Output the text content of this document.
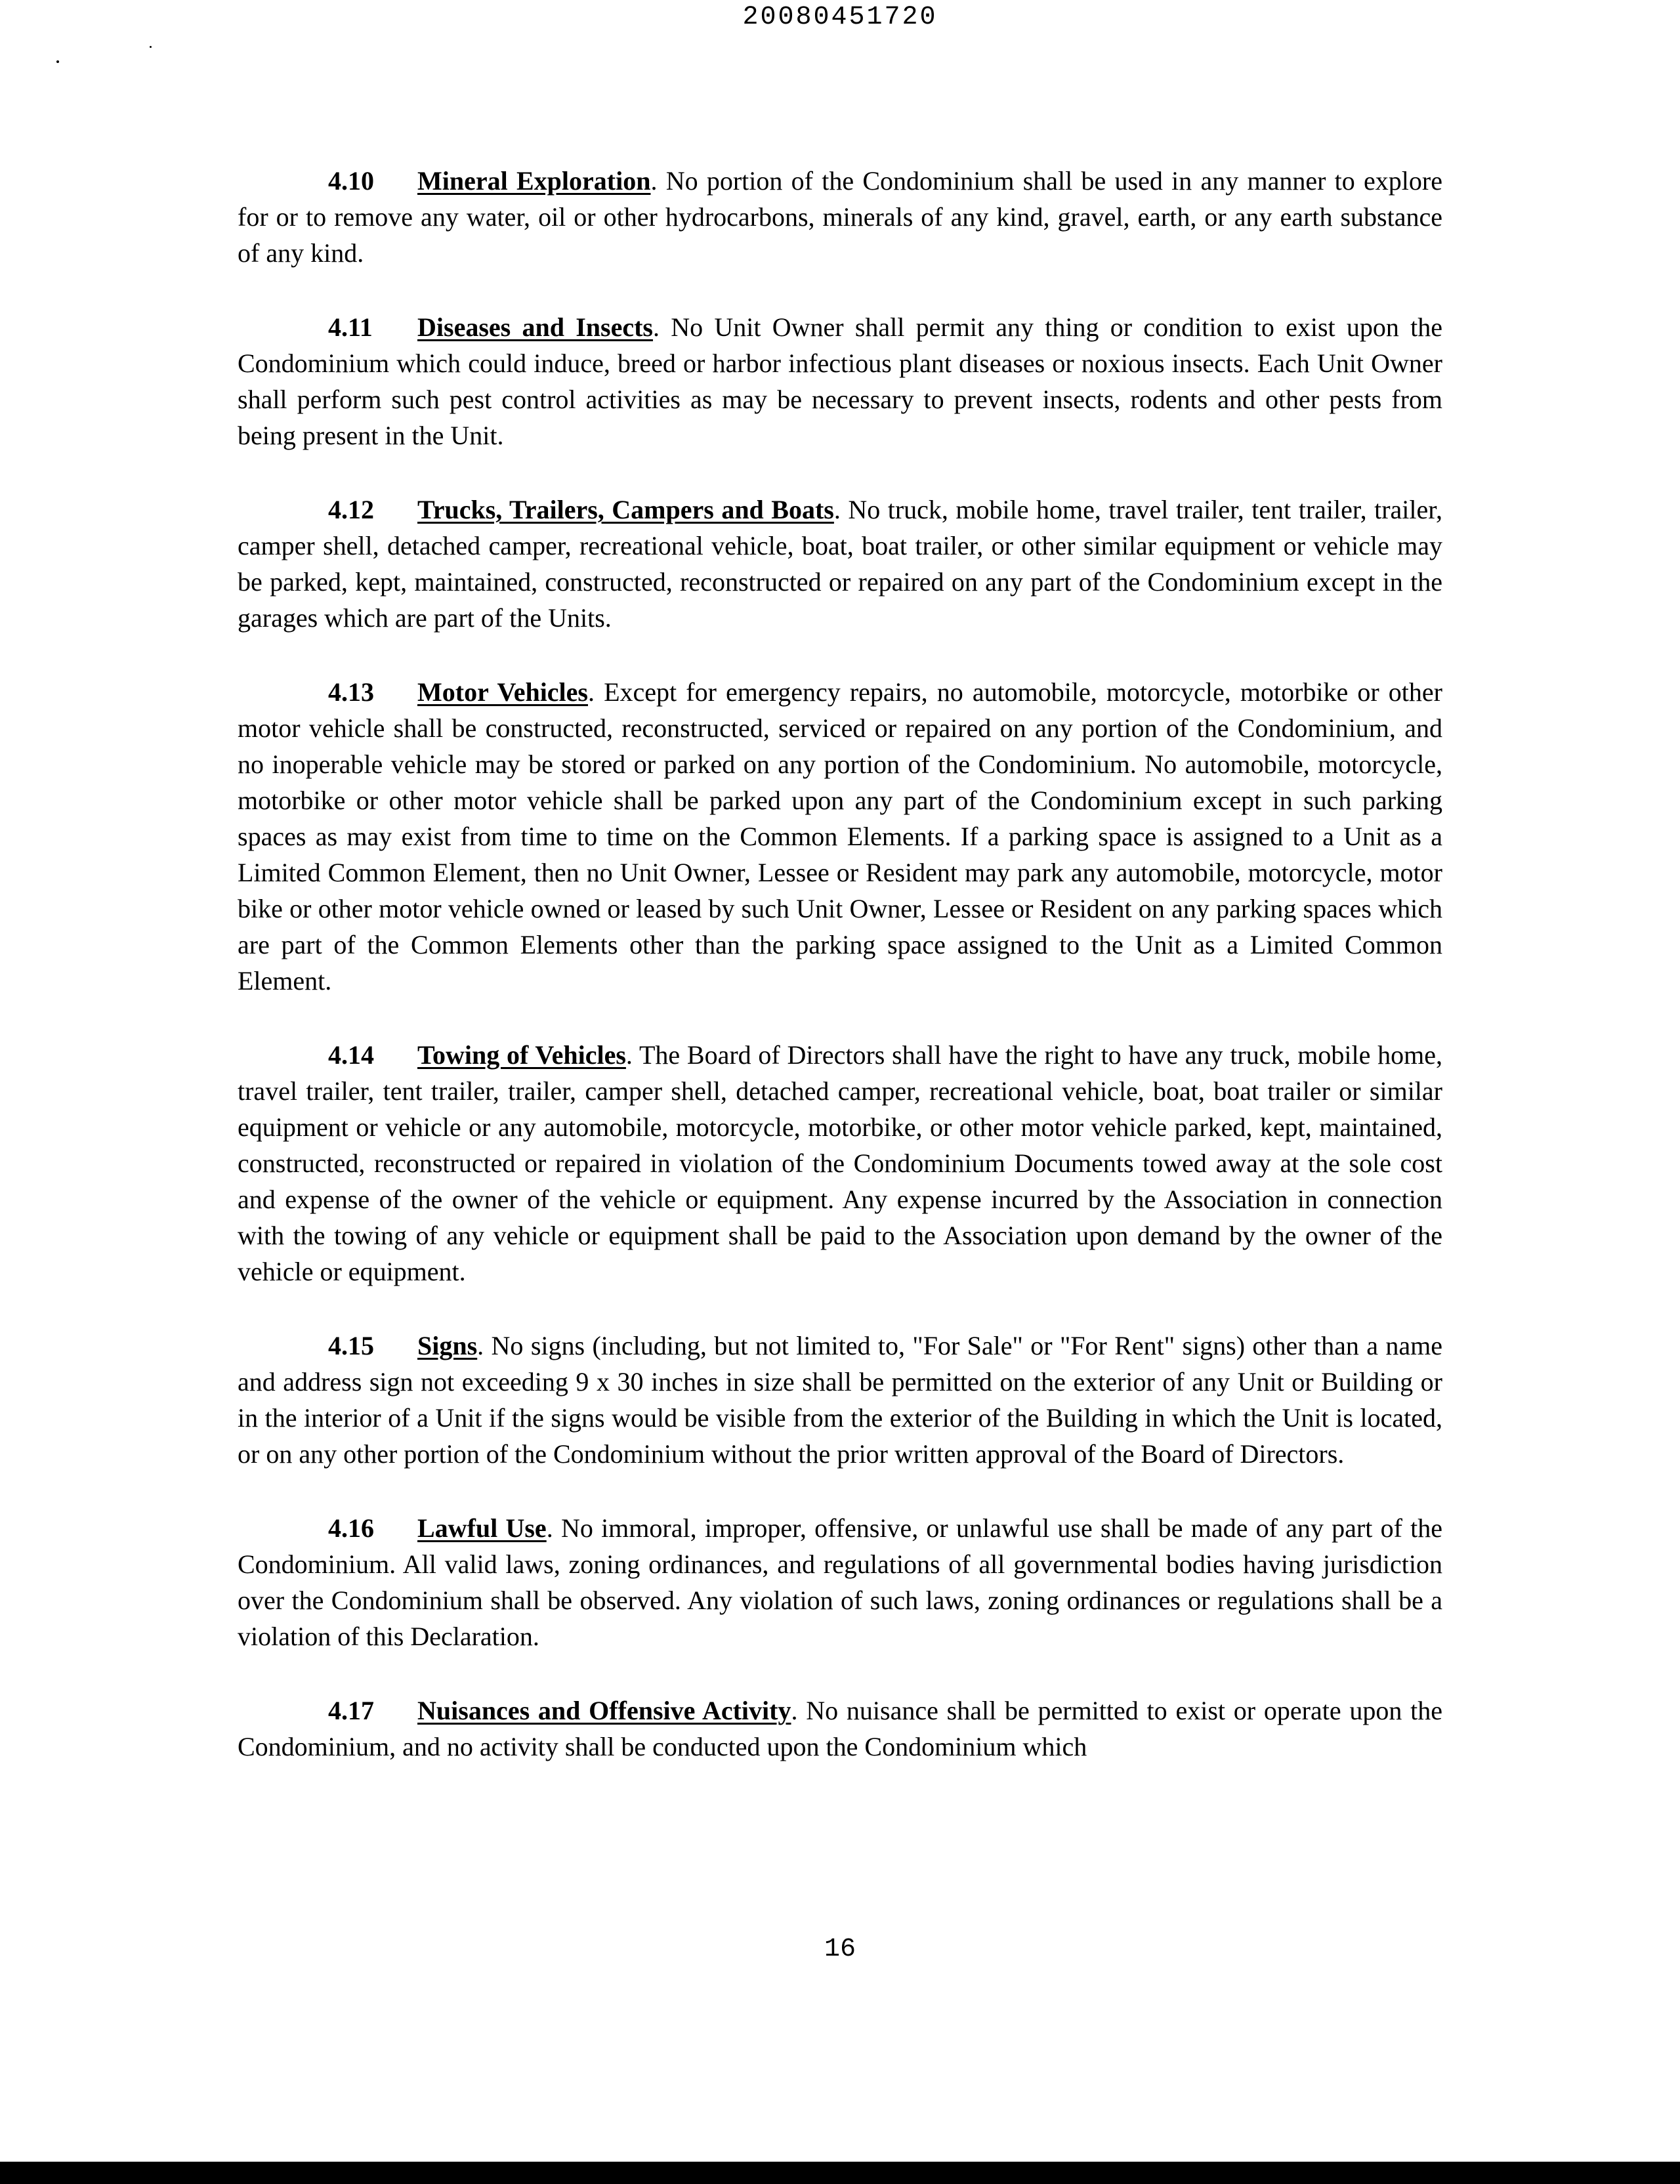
20080451720

4.10 Mineral Exploration. No portion of the Condominium shall be used in any manner to explore for or to remove any water, oil or other hydrocarbons, minerals of any kind, gravel, earth, or any earth substance of any kind.

4.11 Diseases and Insects. No Unit Owner shall permit any thing or condition to exist upon the Condominium which could induce, breed or harbor infectious plant diseases or noxious insects. Each Unit Owner shall perform such pest control activities as may be necessary to prevent insects, rodents and other pests from being present in the Unit.

4.12 Trucks, Trailers, Campers and Boats. No truck, mobile home, travel trailer, tent trailer, trailer, camper shell, detached camper, recreational vehicle, boat, boat trailer, or other similar equipment or vehicle may be parked, kept, maintained, constructed, reconstructed or repaired on any part of the Condominium except in the garages which are part of the Units.

4.13 Motor Vehicles. Except for emergency repairs, no automobile, motorcycle, motorbike or other motor vehicle shall be constructed, reconstructed, serviced or repaired on any portion of the Condominium, and no inoperable vehicle may be stored or parked on any portion of the Condominium. No automobile, motorcycle, motorbike or other motor vehicle shall be parked upon any part of the Condominium except in such parking spaces as may exist from time to time on the Common Elements. If a parking space is assigned to a Unit as a Limited Common Element, then no Unit Owner, Lessee or Resident may park any automobile, motorcycle, motor bike or other motor vehicle owned or leased by such Unit Owner, Lessee or Resident on any parking spaces which are part of the Common Elements other than the parking space assigned to the Unit as a Limited Common Element.

4.14 Towing of Vehicles. The Board of Directors shall have the right to have any truck, mobile home, travel trailer, tent trailer, trailer, camper shell, detached camper, recreational vehicle, boat, boat trailer or similar equipment or vehicle or any automobile, motorcycle, motorbike, or other motor vehicle parked, kept, maintained, constructed, reconstructed or repaired in violation of the Condominium Documents towed away at the sole cost and expense of the owner of the vehicle or equipment. Any expense incurred by the Association in connection with the towing of any vehicle or equipment shall be paid to the Association upon demand by the owner of the vehicle or equipment.

4.15 Signs. No signs (including, but not limited to, "For Sale" or "For Rent" signs) other than a name and address sign not exceeding 9 x 30 inches in size shall be permitted on the exterior of any Unit or Building or in the interior of a Unit if the signs would be visible from the exterior of the Building in which the Unit is located, or on any other portion of the Condominium without the prior written approval of the Board of Directors.

4.16 Lawful Use. No immoral, improper, offensive, or unlawful use shall be made of any part of the Condominium. All valid laws, zoning ordinances, and regulations of all governmental bodies having jurisdiction over the Condominium shall be observed. Any violation of such laws, zoning ordinances or regulations shall be a violation of this Declaration.

4.17 Nuisances and Offensive Activity. No nuisance shall be permitted to exist or operate upon the Condominium, and no activity shall be conducted upon the Condominium which

16
